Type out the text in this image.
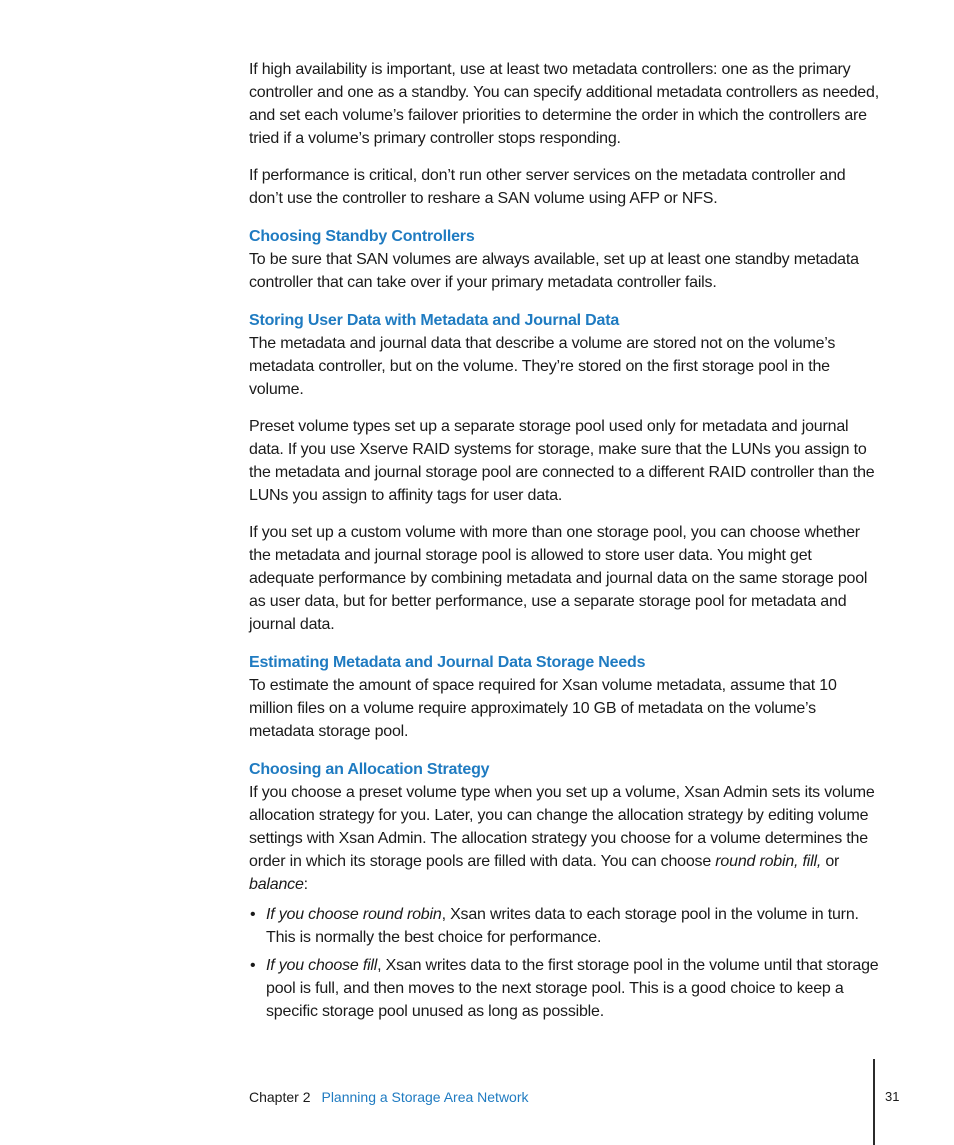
If high availability is important, use at least two metadata controllers: one as the primary controller and one as a standby. You can specify additional metadata controllers as needed, and set each volume’s failover priorities to determine the order in which the controllers are tried if a volume’s primary controller stops responding.

If performance is critical, don’t run other server services on the metadata controller and don’t use the controller to reshare a SAN volume using AFP or NFS.

Choosing Standby Controllers

To be sure that SAN volumes are always available, set up at least one standby metadata controller that can take over if your primary metadata controller fails.

Storing User Data with Metadata and Journal Data

The metadata and journal data that describe a volume are stored not on the volume’s metadata controller, but on the volume. They’re stored on the first storage pool in the volume.

Preset volume types set up a separate storage pool used only for metadata and journal data. If you use Xserve RAID systems for storage, make sure that the LUNs you assign to the metadata and journal storage pool are connected to a different RAID controller than the LUNs you assign to affinity tags for user data.

If you set up a custom volume with more than one storage pool, you can choose whether the metadata and journal storage pool is allowed to store user data. You might get adequate performance by combining metadata and journal data on the same storage pool as user data, but for better performance, use a separate storage pool for metadata and journal data.

Estimating Metadata and Journal Data Storage Needs

To estimate the amount of space required for Xsan volume metadata, assume that 10 million files on a volume require approximately 10 GB of metadata on the volume’s metadata storage pool.

Choosing an Allocation Strategy

If you choose a preset volume type when you set up a volume, Xsan Admin sets its volume allocation strategy for you. Later, you can change the allocation strategy by editing volume settings with Xsan Admin. The allocation strategy you choose for a volume determines the order in which its storage pools are filled with data. You can choose round robin, fill, or balance:

• If you choose round robin, Xsan writes data to each storage pool in the volume in turn. This is normally the best choice for performance.
• If you choose fill, Xsan writes data to the first storage pool in the volume until that storage pool is full, and then moves to the next storage pool. This is a good choice to keep a specific storage pool unused as long as possible.
Chapter 2 Planning a Storage Area Network	31
